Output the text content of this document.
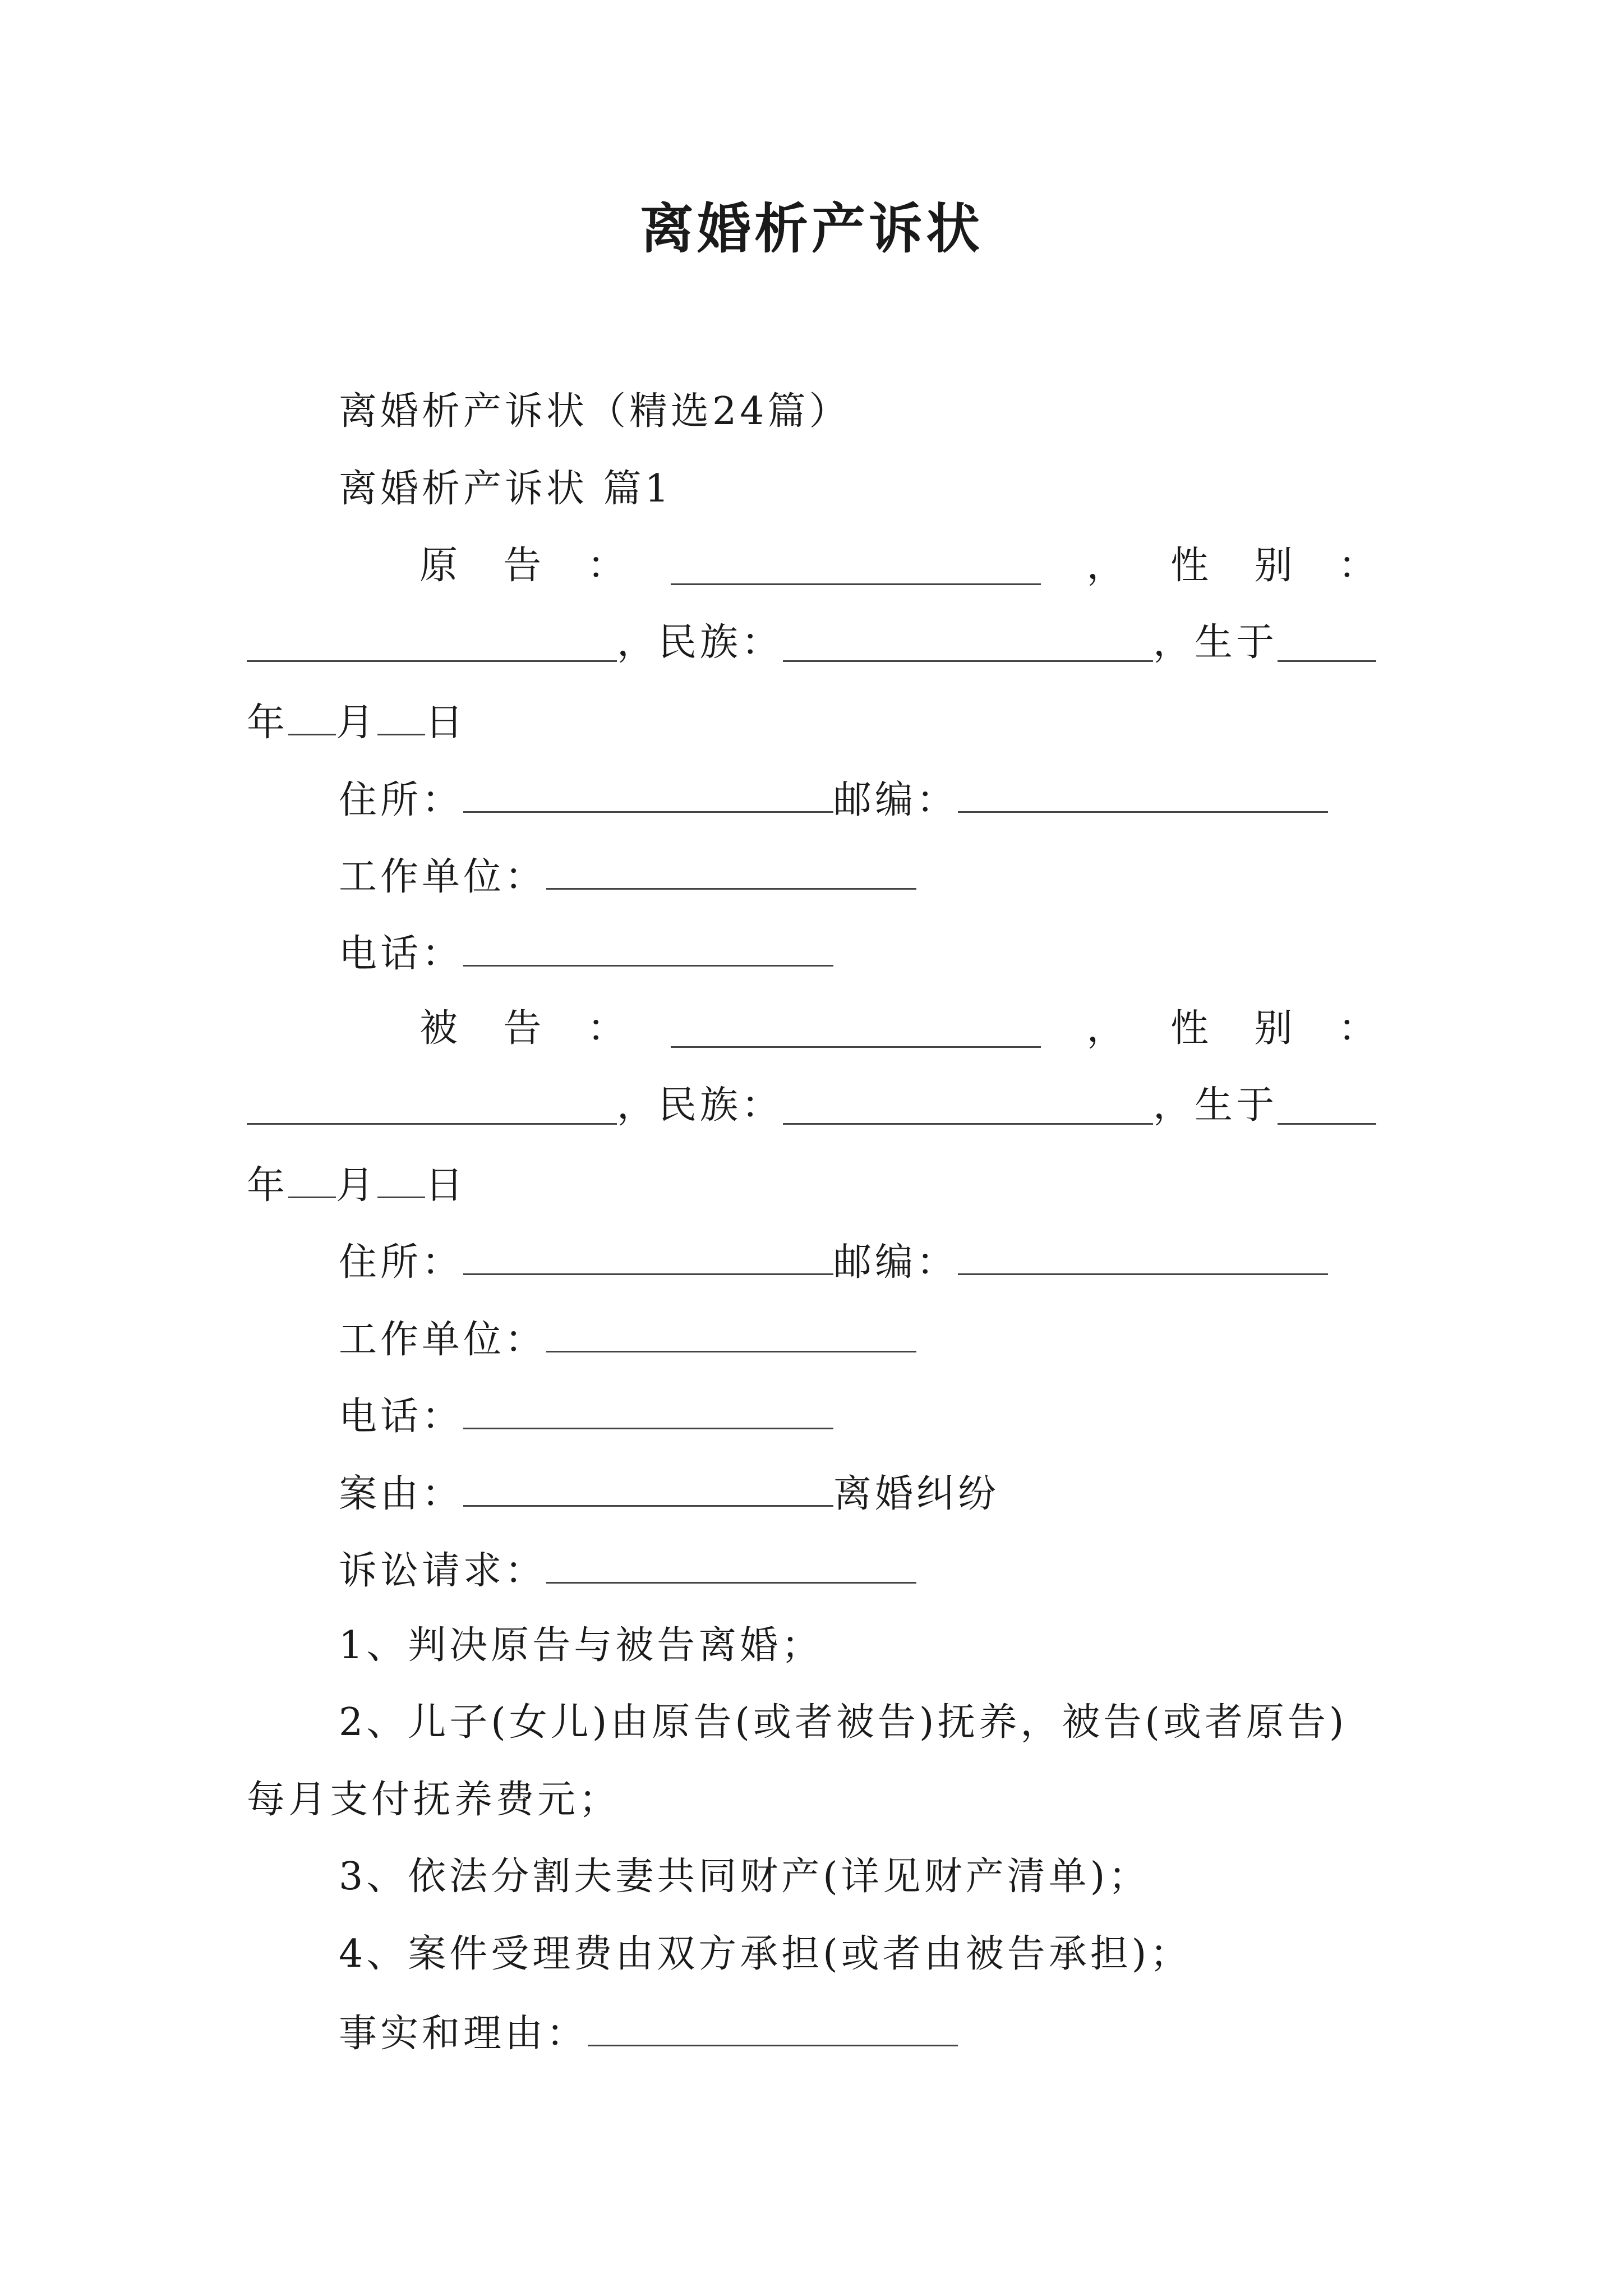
离婚析产诉状
离婚析产诉状（精选24篇）
离婚析产诉状 篇1
原 告 ：	， 性 别 ：
，民族：	，生于
年 月 日
住所：	邮编：
工作单位：
电话：
被 告 ：	， 性 别 ：
，民族：	，生于
年 月 日
住所：	邮编：
工作单位：
电话：
案由：	离婚纠纷
诉讼请求：
1、判决原告与被告离婚；
2、儿子(女儿)由原告(或者被告)抚养，被告(或者原告)
每月支付抚养费元；
3、依法分割夫妻共同财产(详见财产清单)；
4、案件受理费由双方承担(或者由被告承担)；
事实和理由：
